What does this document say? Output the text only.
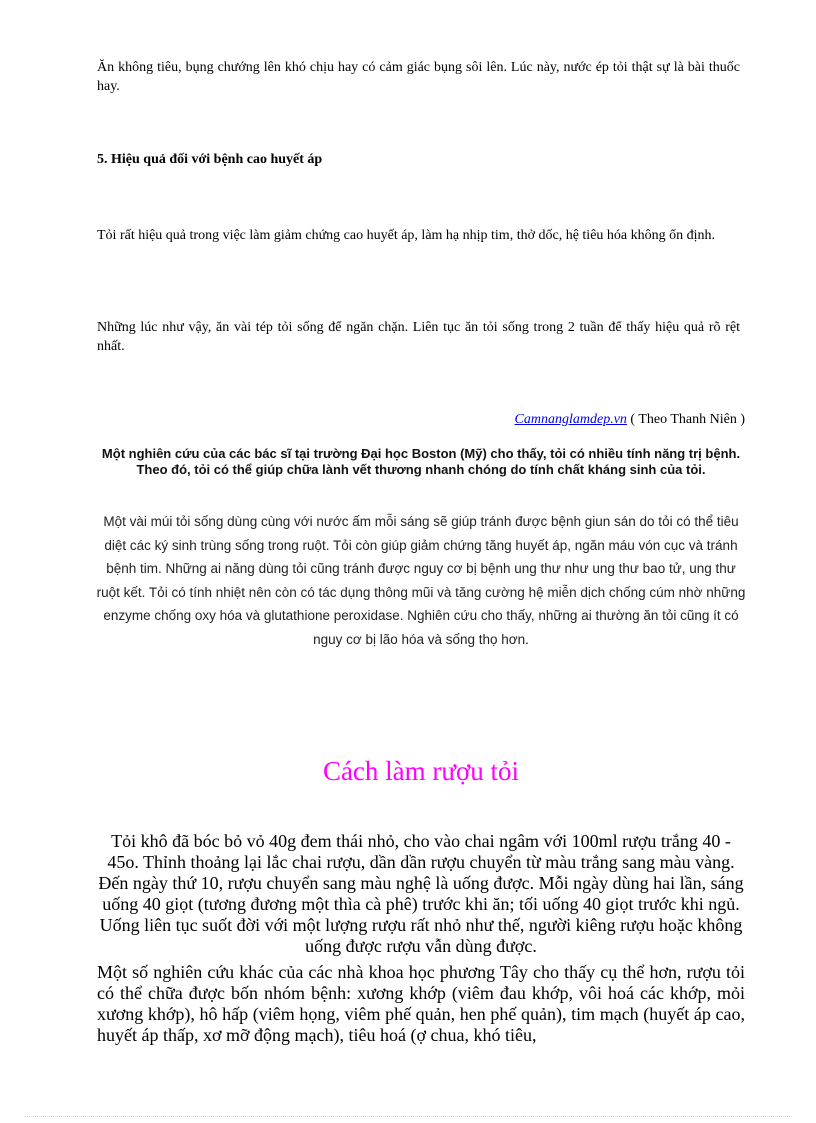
Ăn không tiêu, bụng chướng lên khó chịu hay có cảm giác bụng sôi lên. Lúc này, nước ép tỏi thật sự là bài thuốc hay.
5. Hiệu quả đối với bệnh cao huyết áp
Tỏi rất hiệu quả trong việc làm giảm chứng cao huyết áp, làm hạ nhịp tim, thở dốc, hệ tiêu hóa không ổn định.
Những lúc như vậy, ăn vài tép tỏi sống để ngăn chặn. Liên tục ăn tỏi sống trong 2 tuần để thấy hiệu quả rõ rệt nhất.
Camnanglamdep.vn ( Theo Thanh Niên )
Một nghiên cứu của các bác sĩ tại trường Đại học Boston (Mỹ) cho thấy, tỏi có nhiều tính năng trị bệnh. Theo đó, tỏi có thể giúp chữa lành vết thương nhanh chóng do tính chất kháng sinh của tỏi.
Một vài múi tỏi sống dùng cùng với nước ấm mỗi sáng sẽ giúp tránh được bệnh giun sán do tỏi có thể tiêu diệt các ký sinh trùng sống trong ruột. Tỏi còn giúp giảm chứng tăng huyết áp, ngăn máu vón cục và tránh bệnh tim. Những ai năng dùng tỏi cũng tránh được nguy cơ bị bệnh ung thư như ung thư bao tử, ung thư ruột kết. Tỏi có tính nhiệt nên còn có tác dụng thông mũi và tăng cường hệ miễn dịch chống cúm nhờ những enzyme chống oxy hóa và glutathione peroxidase. Nghiên cứu cho thấy, những ai thường ăn tỏi cũng ít có nguy cơ bị lão hóa và sống thọ hơn.
Cách làm rượu tỏi
Tỏi khô đã bóc bỏ vỏ 40g đem thái nhỏ, cho vào chai ngâm với 100ml rượu trắng 40 - 45o. Thỉnh thoảng lại lắc chai rượu, dần dần rượu chuyển từ màu trắng sang màu vàng. Đến ngày thứ 10, rượu chuyển sang màu nghệ là uống được. Mỗi ngày dùng hai lần, sáng uống 40 giọt (tương đương một thìa cà phê) trước khi ăn; tối uống 40 giọt trước khi ngủ. Uống liên tục suốt đời với một lượng rượu rất nhỏ như thế, người kiêng rượu hoặc không uống được rượu vẫn dùng được.
Một số nghiên cứu khác của các nhà khoa học phương Tây cho thấy cụ thể hơn, rượu tỏi có thể chữa được bốn nhóm bệnh: xương khớp (viêm đau khớp, vôi hoá các khớp, mỏi xương khớp), hô hấp (viêm họng, viêm phế quản, hen phế quản), tim mạch (huyết áp cao, huyết áp thấp, xơ mỡ động mạch), tiêu hoá (ợ chua, khó tiêu,
